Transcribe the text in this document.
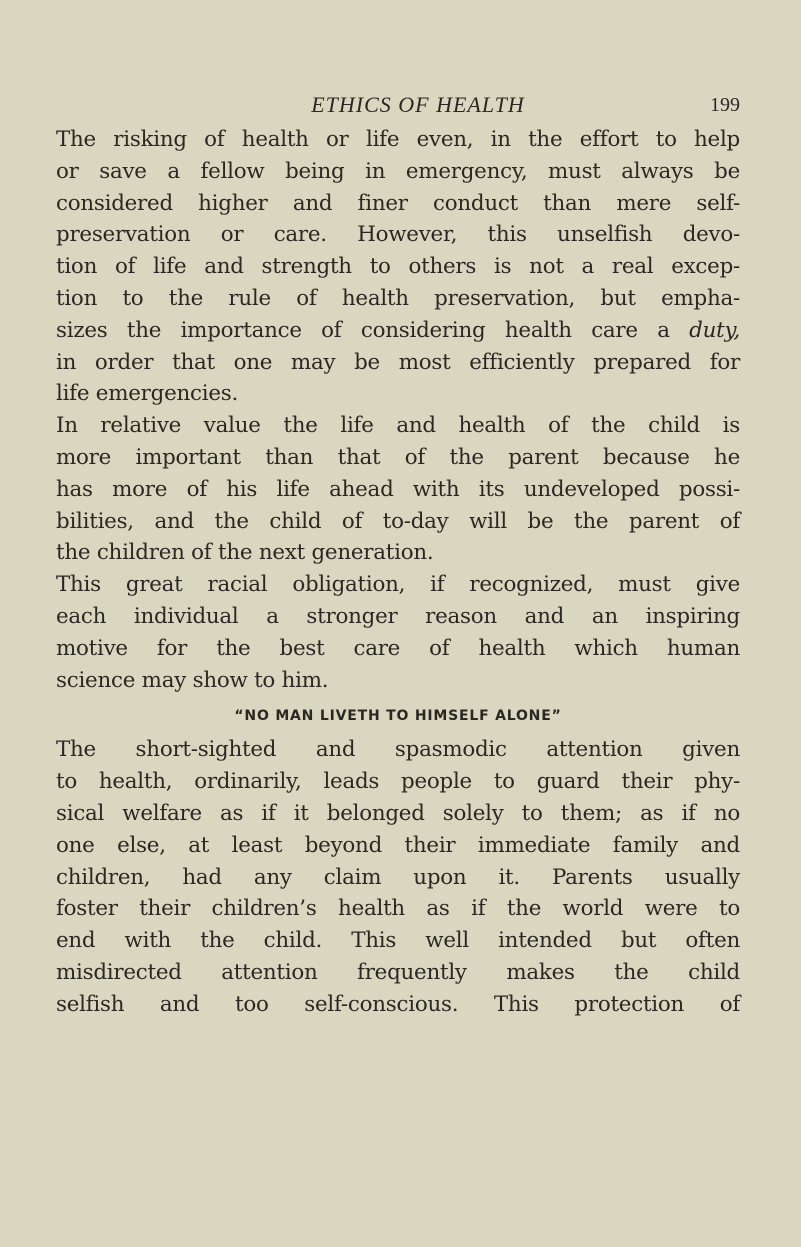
ETHICS OF HEALTH	199
The risking of health or life even, in the effort to help
or save a fellow being in emergency, must always be
considered higher and finer conduct than mere self-
preservation or care. However, this unselfish devo-
tion of life and strength to others is not a real excep-
tion to the rule of health preservation, but empha-
sizes the importance of considering health care a duty,
in order that one may be most efficiently prepared for
life emergencies.
In relative value the life and health of the child is
more important than that of the parent because he
has more of his life ahead with its undeveloped possi-
bilities, and the child of to-day will be the parent of
the children of the next generation.
This great racial obligation, if recognized, must give
each individual a stronger reason and an inspiring
motive for the best care of health which human
science may show to him.
“NO MAN LIVETH TO HIMSELF ALONE”
The short-sighted and spasmodic attention given
to health, ordinarily, leads people to guard their phy-
sical welfare as if it belonged solely to them; as if no
one else, at least beyond their immediate family and
children, had any claim upon it. Parents usually
foster their children’s health as if the world were to
end with the child. This well intended but often
misdirected attention frequently makes the child
selfish and too self-conscious. This protection of
